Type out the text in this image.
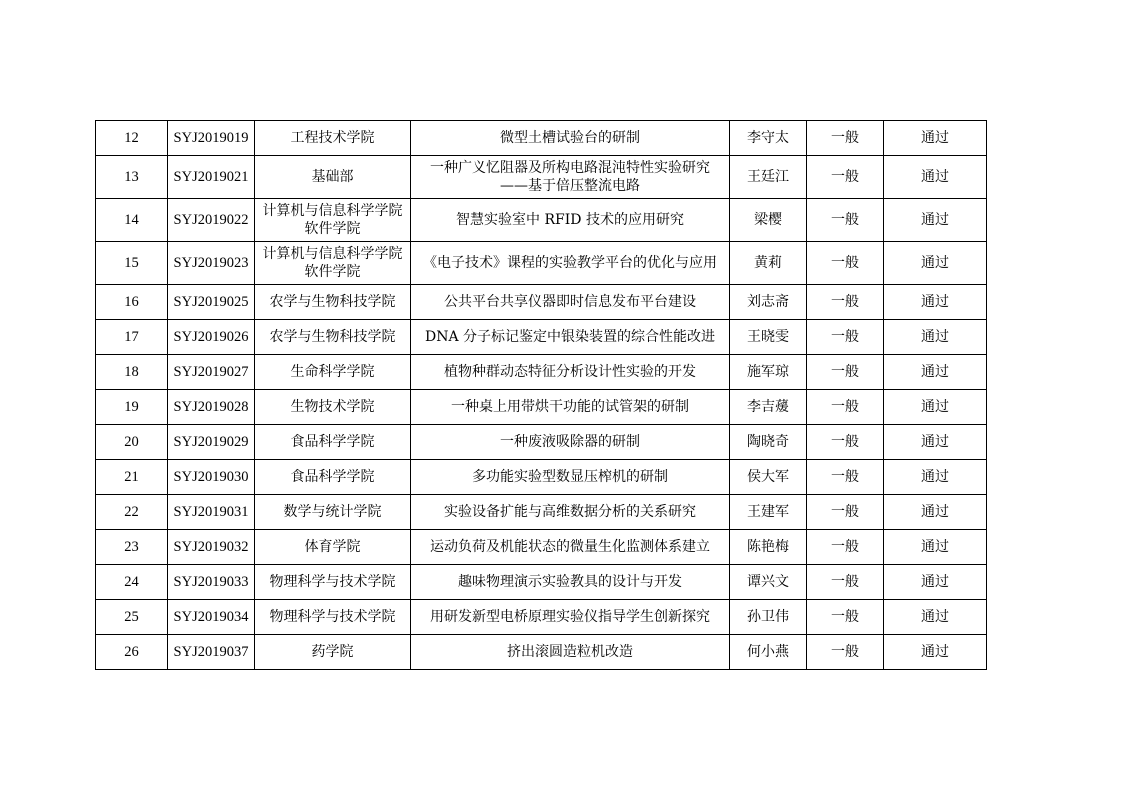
12	SYJ2019019	工程技术学院	微型土槽试验台的研制	李守太	一般	通过
13	SYJ2019021	基础部	一种广义忆阻器及所构电路混沌特性实验研究
——基于倍压整流电路	王廷江	一般	通过
14	SYJ2019022	计算机与信息科学学院
软件学院	智慧实验室中 RFID 技术的应用研究	梁樱	一般	通过
15	SYJ2019023	计算机与信息科学学院
软件学院	《电子技术》课程的实验教学平台的优化与应用	黄莉	一般	通过
16	SYJ2019025	农学与生物科技学院	公共平台共享仪器即时信息发布平台建设	刘志斋	一般	通过
17	SYJ2019026	农学与生物科技学院	DNA 分子标记鉴定中银染装置的综合性能改进	王晓雯	一般	通过
18	SYJ2019027	生命科学学院	植物种群动态特征分析设计性实验的开发	施军琼	一般	通过
19	SYJ2019028	生物技术学院	一种桌上用带烘干功能的试管架的研制	李吉蕿	一般	通过
20	SYJ2019029	食品科学学院	一种废液吸除器的研制	陶晓奇	一般	通过
21	SYJ2019030	食品科学学院	多功能实验型数显压榨机的研制	侯大军	一般	通过
22	SYJ2019031	数学与统计学院	实验设备扩能与高维数据分析的关系研究	王建军	一般	通过
23	SYJ2019032	体育学院	运动负荷及机能状态的微量生化监测体系建立	陈艳梅	一般	通过
24	SYJ2019033	物理科学与技术学院	趣味物理演示实验教具的设计与开发	谭兴文	一般	通过
25	SYJ2019034	物理科学与技术学院	用研发新型电桥原理实验仪指导学生创新探究	孙卫伟	一般	通过
26	SYJ2019037	药学院	挤出滚圆造粒机改造	何小燕	一般	通过
